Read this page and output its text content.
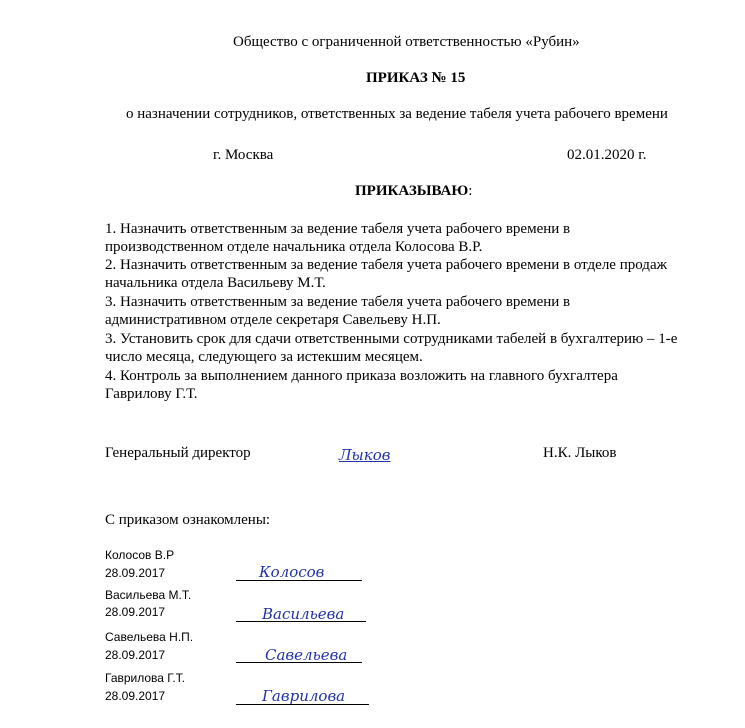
Общество с ограниченной ответственностью «Рубин»
ПРИКАЗ № 15
о назначении сотрудников, ответственных за ведение табеля учета рабочего времени
г. Москва	02.01.2020 г.
ПРИКАЗЫВАЮ:
1. Назначить ответственным за ведение табеля учета рабочего времени в
производственном отделе начальника отдела Колосова В.Р.
2. Назначить ответственным за ведение табеля учета рабочего времени в отделе продаж
начальника отдела Васильеву М.Т.
3. Назначить ответственным за ведение табеля учета рабочего времени в
административном отделе секретаря Савельеву Н.П.
3. Установить срок для сдачи ответственными сотрудниками табелей в бухгалтерию – 1-е
число месяца, следующего за истекшим месяцем.
4. Контроль за выполнением данного приказа возложить на главного бухгалтера
Гаврилову Г.Т.
Генеральный директор	Лыков	Н.К. Лыков
С приказом ознакомлены:
Колосов В.Р
28.09.2017	Колосов
Васильева М.Т.
28.09.2017	Васильева
Савельева Н.П.
28.09.2017	Савельева
Гаврилова Г.Т.
28.09.2017	Гаврилова
